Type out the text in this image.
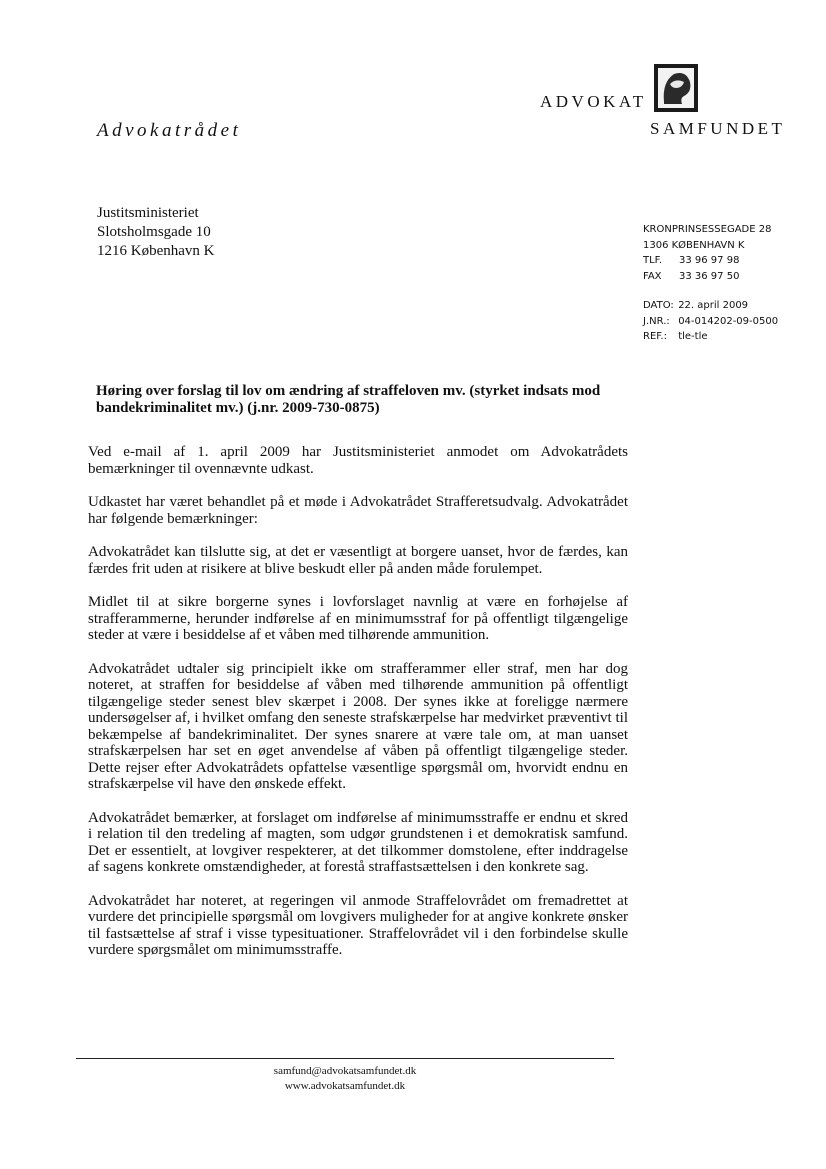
Advokatrådet
ADVOKAT
SAMFUNDET
Justitsministeriet
Slotsholmsgade 10
1216 København K
KRONPRINSESSEGADE 28
1306 KØBENHAVN K
TLF. 33 96 97 98
FAX 33 36 97 50
DATO: 22. april 2009
J.NR.: 04-014202-09-0500
REF.: tle-tle
Høring over forslag til lov om ændring af straffeloven mv. (styrket indsats mod bandekriminalitet mv.) (j.nr. 2009-730-0875)

Ved e-mail af 1. april 2009 har Justitsministeriet anmodet om Advokatrådets bemærkninger til ovennævnte udkast.

Udkastet har været behandlet på et møde i Advokatrådet Strafferetsudvalg. Advokatrådet har følgende bemærkninger:

Advokatrådet kan tilslutte sig, at det er væsentligt at borgere uanset, hvor de færdes, kan færdes frit uden at risikere at blive beskudt eller på anden måde forulempet.

Midlet til at sikre borgerne synes i lovforslaget navnlig at være en forhøjelse af strafferammerne, herunder indførelse af en minimumsstraf for på offentligt tilgængelige steder at være i besiddelse af et våben med tilhørende ammunition.

Advokatrådet udtaler sig principielt ikke om strafferammer eller straf, men har dog noteret, at straffen for besiddelse af våben med tilhørende ammunition på offentligt tilgængelige steder senest blev skærpet i 2008. Der synes ikke at foreligge nærmere undersøgelser af, i hvilket omfang den seneste strafskærpelse har medvirket præventivt til bekæmpelse af bandekriminalitet. Der synes snarere at være tale om, at man uanset strafskærpelsen har set en øget anvendelse af våben på offentligt tilgængelige steder. Dette rejser efter Advokatrådets opfattelse væsentlige spørgsmål om, hvorvidt endnu en strafskærpelse vil have den ønskede effekt.

Advokatrådet bemærker, at forslaget om indførelse af minimumsstraffe er endnu et skred i relation til den tredeling af magten, som udgør grundstenen i et demokratisk samfund. Det er essentielt, at lovgiver respekterer, at det tilkommer domstolene, efter inddragelse af sagens konkrete omstændigheder, at forestå straffastsættelsen i den konkrete sag.

Advokatrådet har noteret, at regeringen vil anmode Straffelovrådet om fremadrettet at vurdere det principielle spørgsmål om lovgivers muligheder for at angive konkrete ønsker til fastsættelse af straf i visse typesituationer. Straffelovrådet vil i den forbindelse skulle vurdere spørgsmålet om minimumsstraffe.

samfund@advokatsamfundet.dk
www.advokatsamfundet.dk
